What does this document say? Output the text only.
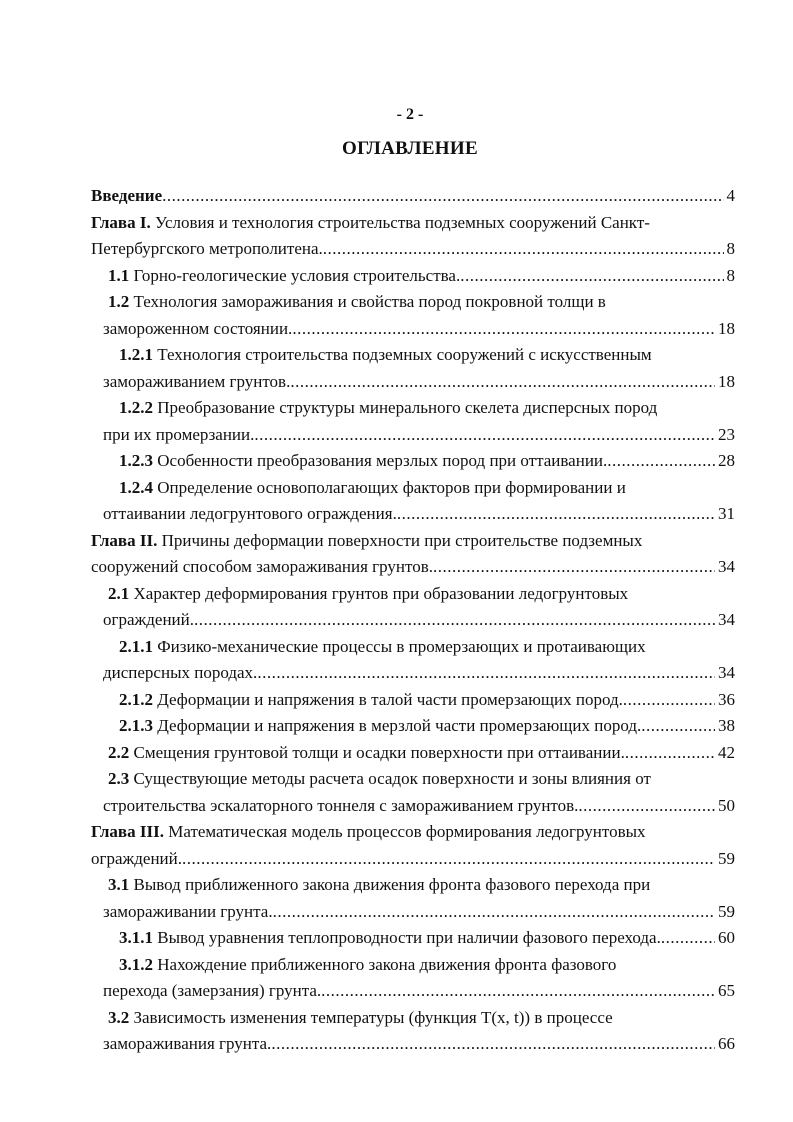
- 2 -
ОГЛАВЛЕНИЕ
Введение .....	4
Глава I.
Условия и технология строительства подземных сооружений Санкт-
Петербургского метрополитена. .....	8
1.1
Горно-геологические условия строительства. .....	8
1.2
Технология замораживания и свойства пород покровной толщи в
замороженном состоянии. .....	18
1.2.1
Технология строительства подземных сооружений с искусственным
замораживанием грунтов. .....	18
1.2.2
Преобразование структуры минерального скелета дисперсных пород
при их промерзании. .....	23
1.2.3
Особенности преобразования мерзлых пород при оттаивании. .....	28
1.2.4
Определение основополагающих факторов при формировании и
оттаивании ледогрунтового ограждения. .....	31
Глава II.
Причины деформации поверхности при строительстве подземных
сооружений способом замораживания грунтов. .....	34
2.1
Характер деформирования грунтов при образовании ледогрунтовых
ограждений. .....	34
2.1.1
Физико-механические процессы в промерзающих и протаивающих
дисперсных породах. .....	34
2.1.2
Деформации и напряжения в талой части промерзающих пород. .....	36
2.1.3
Деформации и напряжения в мерзлой части промерзающих пород. .....	38
2.2
Смещения грунтовой толщи и осадки поверхности при оттаивании. .....	42
2.3
Существующие методы расчета осадок поверхности и зоны влияния от
строительства эскалаторного тоннеля с замораживанием грунтов. .....	50
Глава III.
Математическая модель процессов формирования ледогрунтовых
ограждений. .....	59
3.1
Вывод приближенного закона движения фронта фазового перехода при
замораживании грунта. .....	59
3.1.1
Вывод уравнения теплопроводности при наличии фазового перехода. .....	60
3.1.2
Нахождение приближенного закона движения фронта фазового
перехода (замерзания) грунта. .....	65
3.2
Зависимость изменения температуры (функция T(x, t)) в процессе
замораживания грунта. .....	66
